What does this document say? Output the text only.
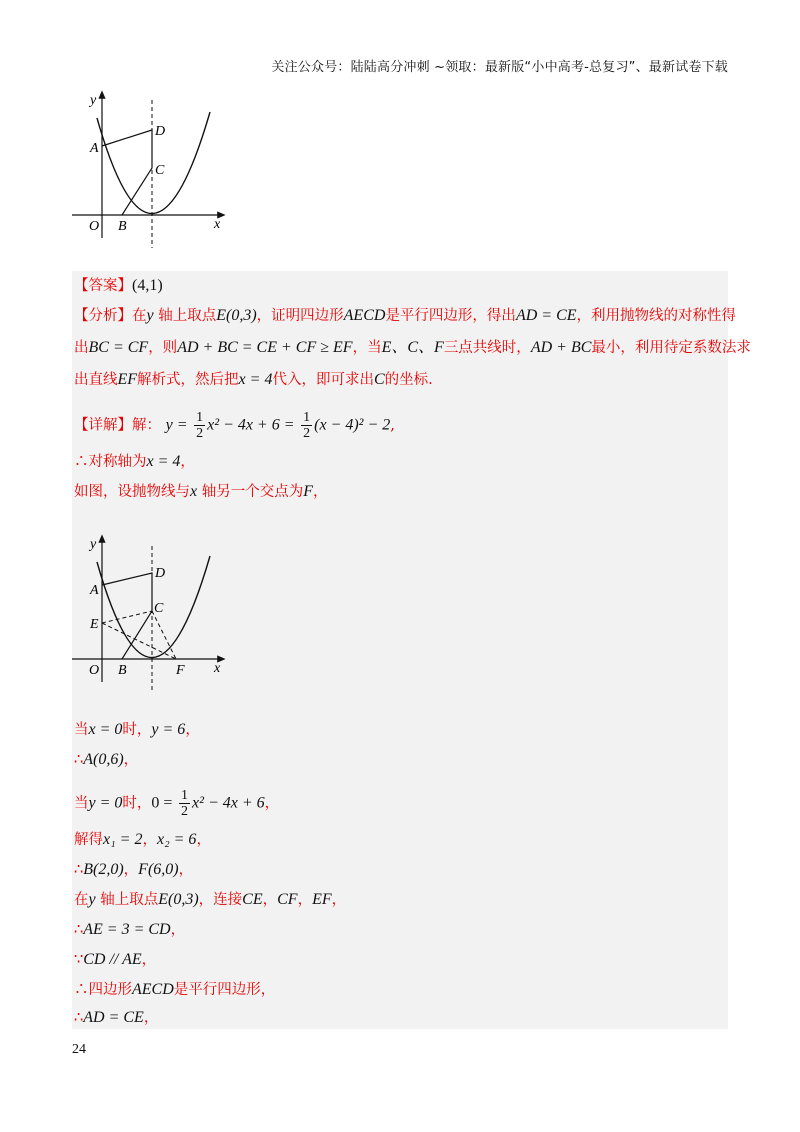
关注公众号：陆陆高分冲刺 ~领取：最新版“小中高考-总复习”、最新试卷下载
y
x
O
A
B
C
D
【答案】(4,1)
【分析】在y 轴上取点E(0,3)，证明四边形AECD是平行四边形，得出AD = CE，利用抛物线的对称性得
出BC = CF，则AD + BC = CE + CF ≥ EF，当E、C、F三点共线时，AD + BC最小，利用待定系数法求
出直线EF解析式，然后把x = 4代入，即可求出C的坐标.
【详解】解： $y = \frac{1}{2} x^2 - 4x + 6 = \frac{1}{2} (x - 4)^2 - 2$,
∴对称轴为x = 4，
如图，设抛物线与x 轴另一个交点为F，
y
x
O
A
E
B	F
C
D
当x = 0时，y = 6，
∴A(0,6)，
当y = 0时，$0 = \frac{1}{2} x^2 - 4x + 6$，
解得x₁ = 2，x₂ = 6，
∴B(2,0)，F(6,0)，
在y 轴上取点E(0,3)，连接CE，CF，EF，
∴AE = 3 = CD，
∵CD // AE，
∴四边形AECD是平行四边形，
∴AD = CE，
24
